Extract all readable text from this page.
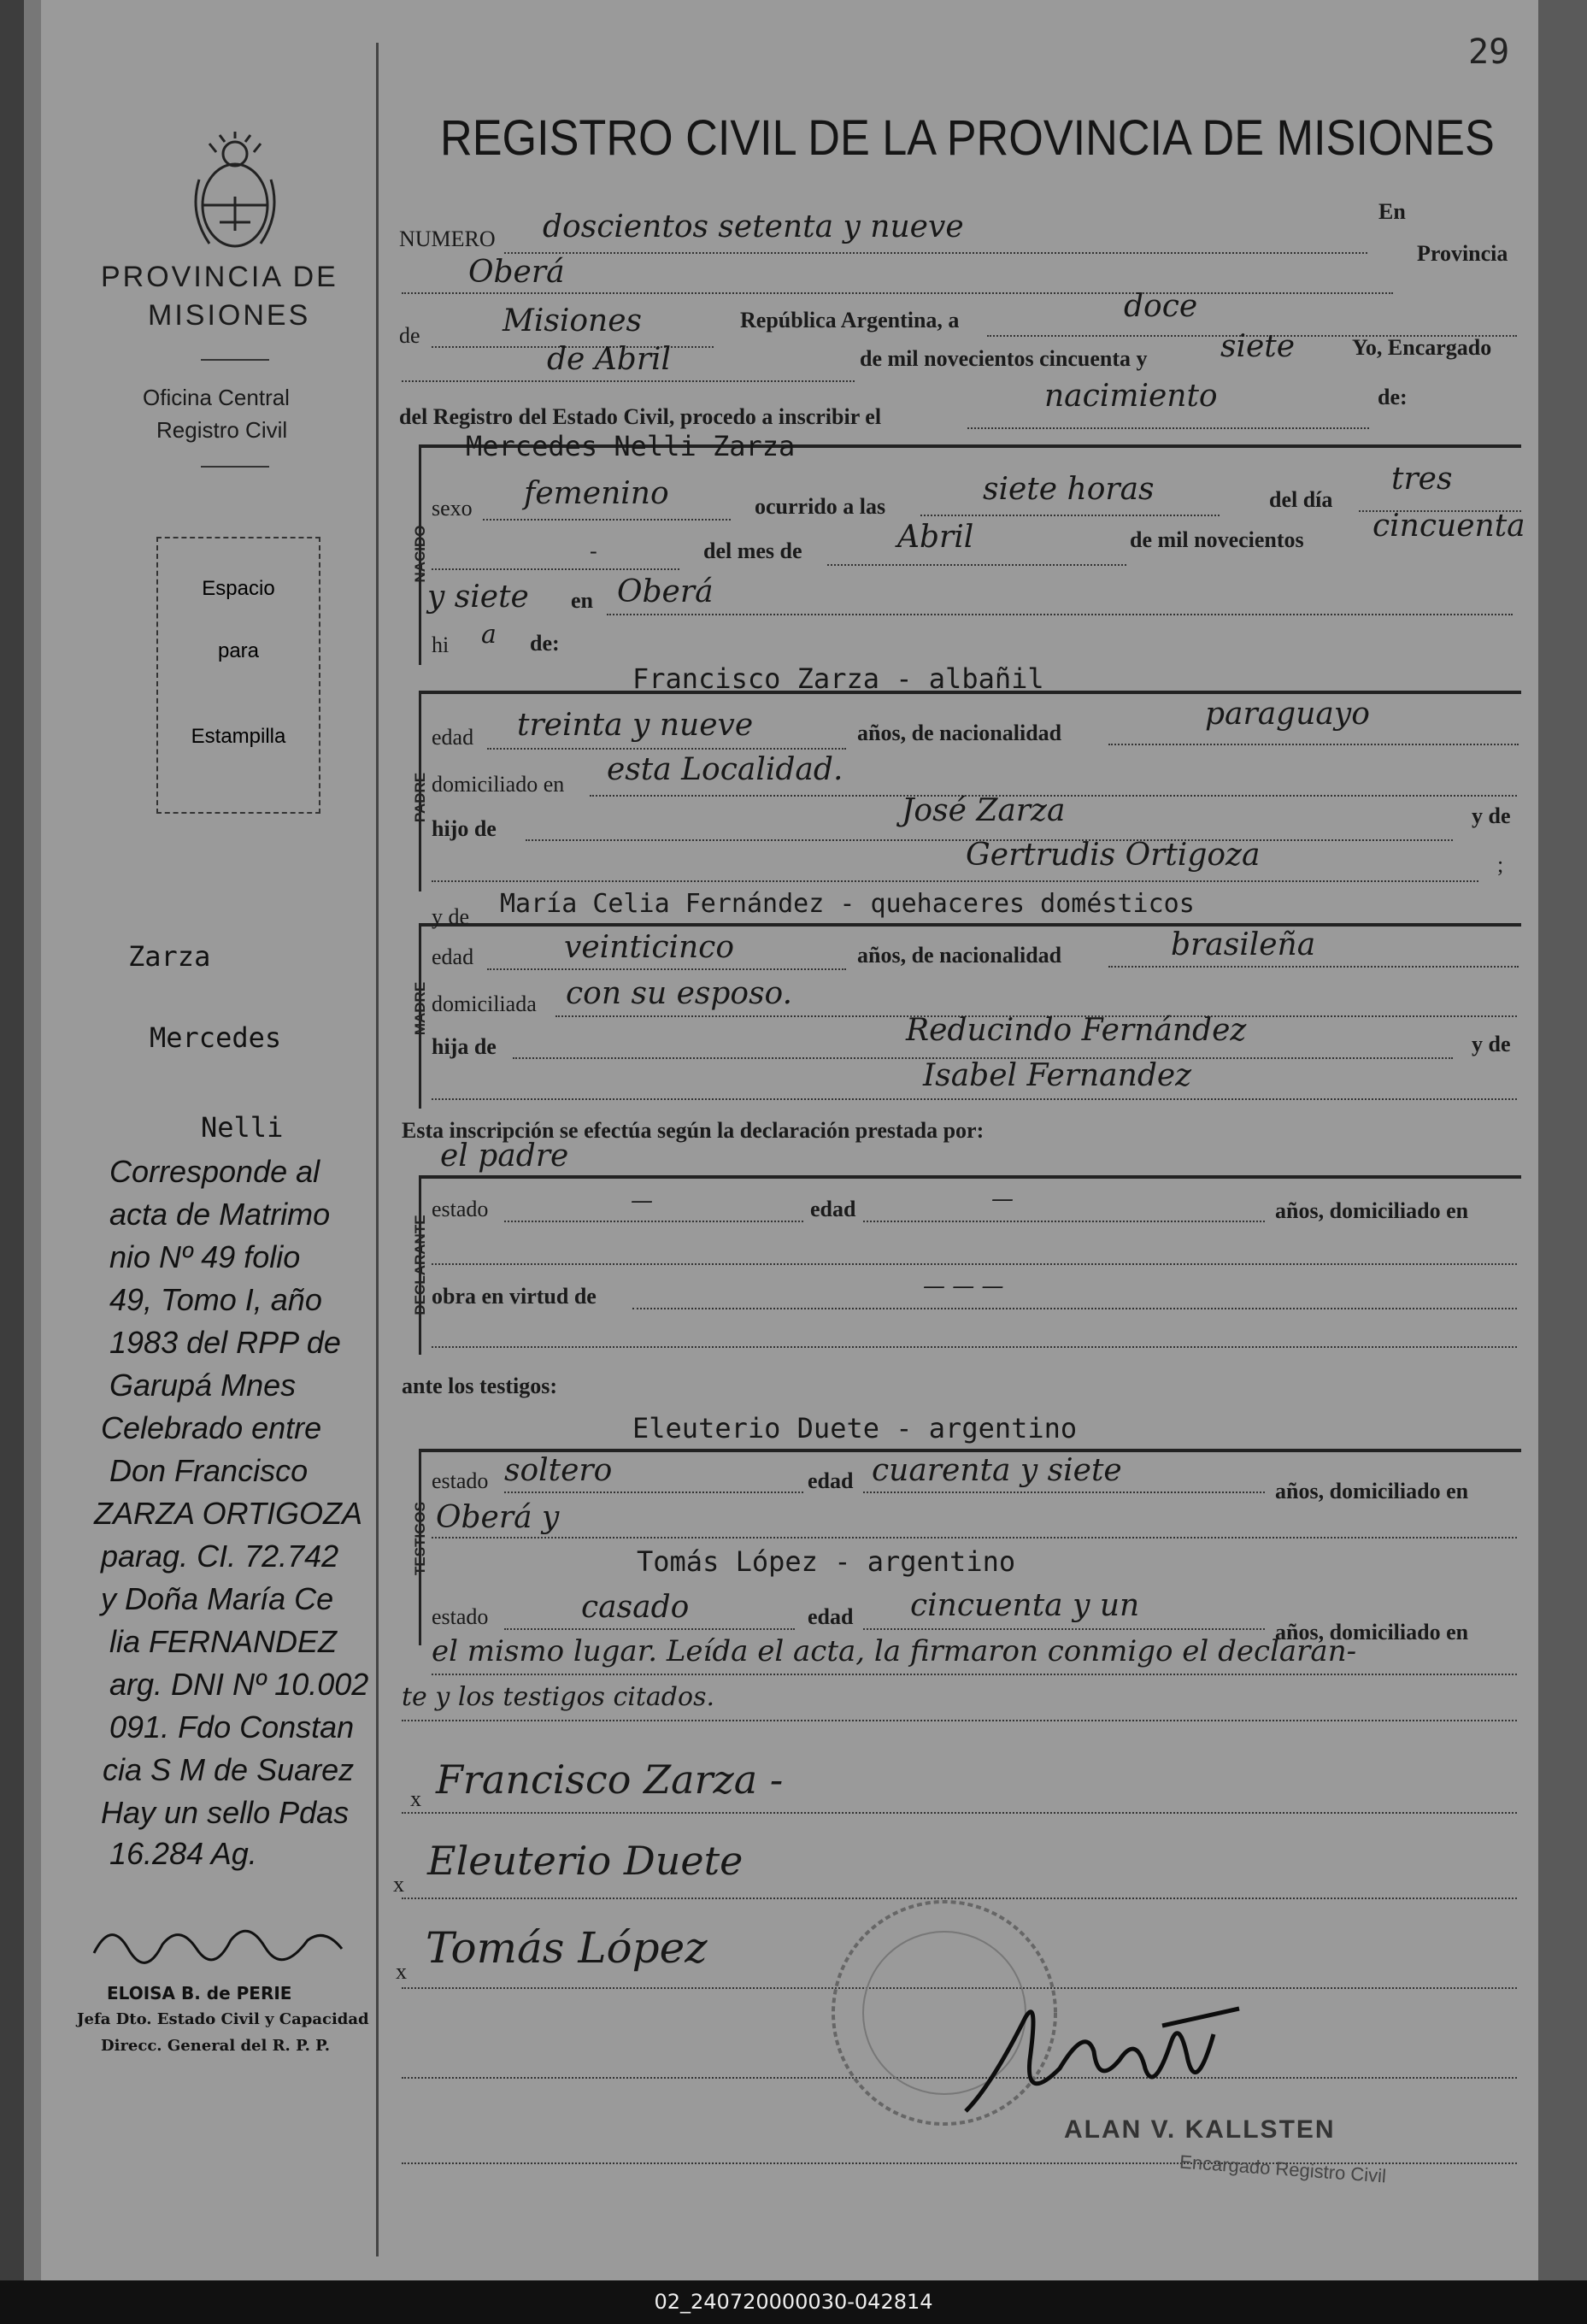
29
PROVINCIA DE
MISIONES
Oficina Central
Registro Civil
Espacio
para
Estampilla
Zarza
Mercedes
Nelli
Corresponde al
acta de Matrimo
nio Nº 49 folio
49, Tomo I, año
1983 del RPP de
Garupá Mnes
Celebrado entre
Don Francisco
ZARZA ORTIGOZA
parag. CI. 72.742
y Doña María Ce
lia FERNANDEZ
arg. DNI Nº 10.002
091. Fdo Constan
cia S M de Suarez
Hay un sello Pdas
16.284 Ag.
ELOISA B. de PERIE
Jefa Dto. Estado Civil y Capacidad
Direcc. General del R. P. P.
REGISTRO CIVIL DE LA PROVINCIA DE MISIONES
NUMERO doscientos setenta y nueve	En
Oberá
Provincia
de	Misiones	República Argentina, a	doce
de Abril	de mil novecientos cincuenta y siete	Yo, Encargado
del Registro del Estado Civil, procedo a inscribir el
nacimiento	de:
NACIDO
Mercedes Nelli Zarza
sexo femenino	ocurrido a las	siete horas	del día
tres
-	del mes de	Abril	de mil novecientos cincuenta
y siete en Oberá
hi a de:
PADRE
Francisco Zarza - albañil
edad treinta y nueve	años, de nacionalidad
paraguayo
domiciliado en esta Localidad.
hijo de
José Zarza	y de
Gertrudis Ortigoza	;
MADRE
y de María Celia Fernández - quehaceres domésticos
edad	veinticinco	años, de nacionalidad	brasileña
domiciliada con su esposo.
hija de	Reducindo Fernández	y de
Isabel Fernandez
Esta inscripción se efectúa según la declaración prestada por:
el padre
DECLARANTE
estado	—	edad	—	años, domiciliado en
obra en virtud de	— — —
ante los testigos:
TESTIGOS
Eleuterio Duete - argentino
estado soltero	edad cuarenta y siete
años, domiciliado en
Oberá y
Tomás López - argentino
estado	casado	edad cincuenta y un
años, domiciliado en
el mismo lugar. Leída el acta, la firmaron conmigo el declaran-
te y los testigos citados.
x Francisco Zarza -
x
Eleuterio Duete
x Tomás López
ALAN V. KALLSTEN
Encargado Registro Civil
02_240720000030-042814
